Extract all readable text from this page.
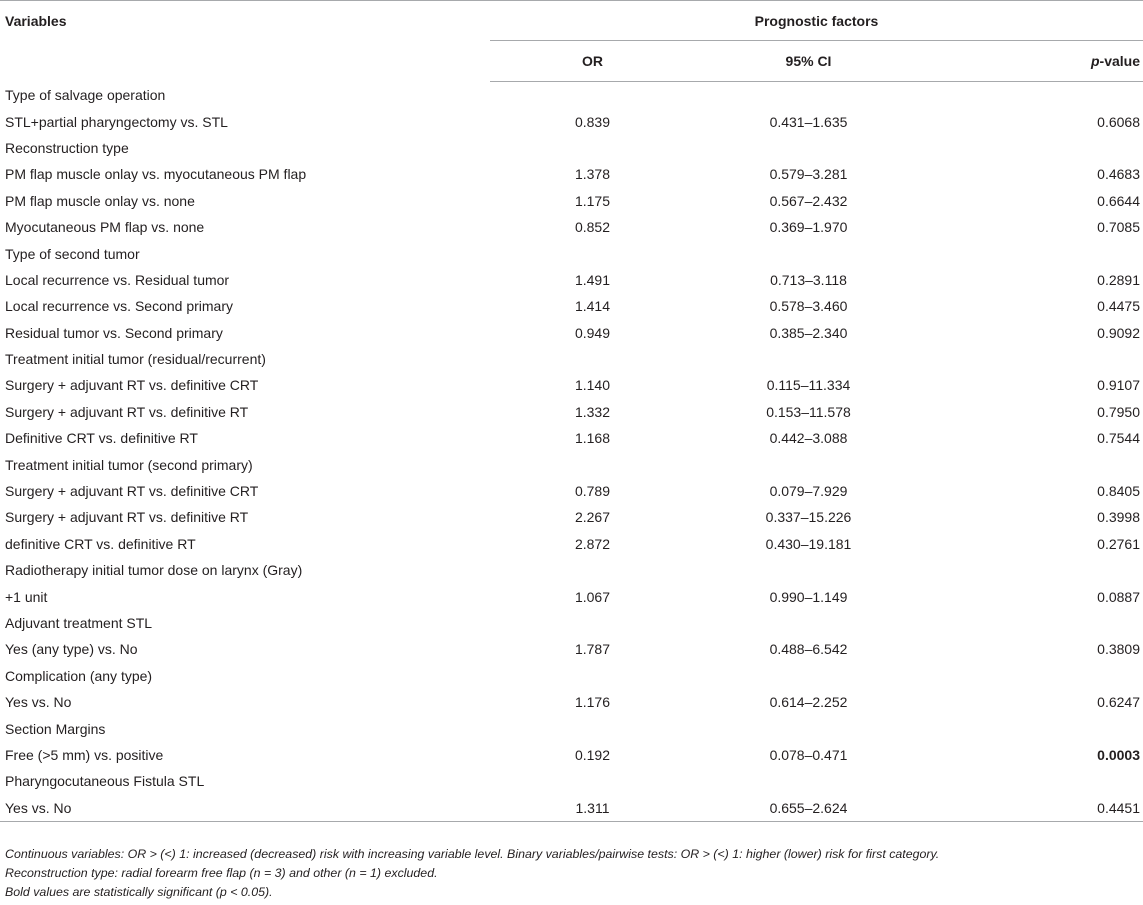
Variables	Prognostic factors		
	OR	95% CI	p-value
Type of salvage operation			
STL+partial pharyngectomy vs. STL	0.839	0.431–1.635	0.6068
Reconstruction type			
PM flap muscle onlay vs. myocutaneous PM flap	1.378	0.579–3.281	0.4683
PM flap muscle onlay vs. none	1.175	0.567–2.432	0.6644
Myocutaneous PM flap vs. none	0.852	0.369–1.970	0.7085
Type of second tumor			
Local recurrence vs. Residual tumor	1.491	0.713–3.118	0.2891
Local recurrence vs. Second primary	1.414	0.578–3.460	0.4475
Residual tumor vs. Second primary	0.949	0.385–2.340	0.9092
Treatment initial tumor (residual/recurrent)			
Surgery + adjuvant RT vs. definitive CRT	1.140	0.115–11.334	0.9107
Surgery + adjuvant RT vs. definitive RT	1.332	0.153–11.578	0.7950
Definitive CRT vs. definitive RT	1.168	0.442–3.088	0.7544
Treatment initial tumor (second primary)			
Surgery + adjuvant RT vs. definitive CRT	0.789	0.079–7.929	0.8405
Surgery + adjuvant RT vs. definitive RT	2.267	0.337–15.226	0.3998
definitive CRT vs. definitive RT	2.872	0.430–19.181	0.2761
Radiotherapy initial tumor dose on larynx (Gray)			
+1 unit	1.067	0.990–1.149	0.0887
Adjuvant treatment STL			
Yes (any type) vs. No	1.787	0.488–6.542	0.3809
Complication (any type)			
Yes vs. No	1.176	0.614–2.252	0.6247
Section Margins			
Free (>5 mm) vs. positive	0.192	0.078–0.471	0.0003
Pharyngocutaneous Fistula STL			
Yes vs. No	1.311	0.655–2.624	0.4451
Continuous variables: OR > (<) 1: increased (decreased) risk with increasing variable level. Binary variables/pairwise tests: OR > (<) 1: higher (lower) risk for first category.
Reconstruction type: radial forearm free flap (n = 3) and other (n = 1) excluded.
Bold values are statistically significant (p < 0.05).
